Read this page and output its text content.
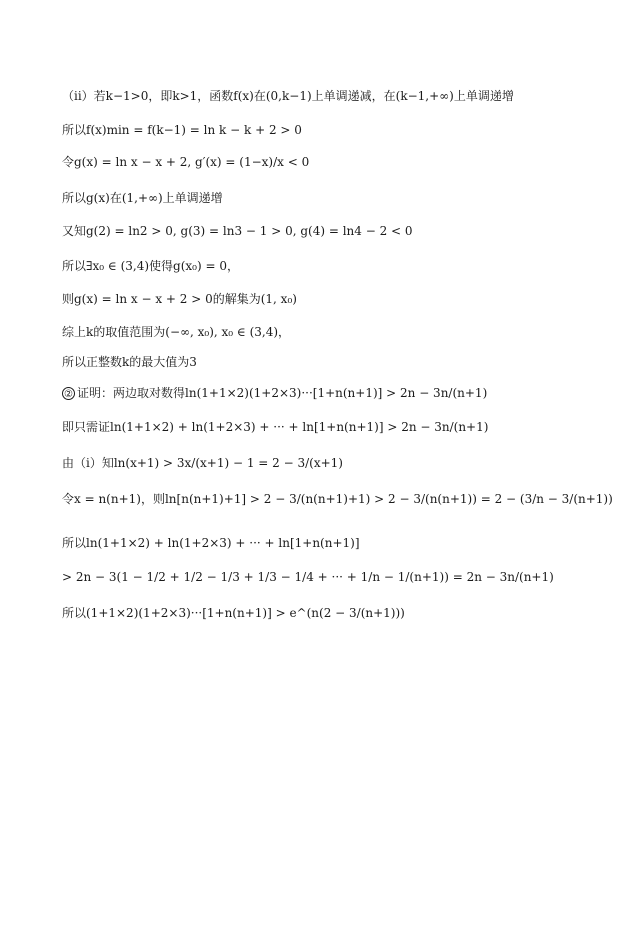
（ii）若k−1>0，即k>1，函数f(x)在(0,k−1)上单调递减，在(k−1,+∞)上单调递增
所以f(x)min = f(k−1) = ln k − k + 2 > 0
令g(x) = ln x − x + 2, g′(x) = (1−x)/x < 0
所以g(x)在(1,+∞)上单调递增
又知g(2) = ln2 > 0, g(3) = ln3 − 1 > 0, g(4) = ln4 − 2 < 0
所以∃x₀ ∈ (3,4)使得g(x₀) = 0，
则g(x) = ln x − x + 2 > 0的解集为(1, x₀)
综上k的取值范围为(−∞, x₀), x₀ ∈ (3,4)，
所以正整数k的最大值为3
② 证明：两边取对数得ln(1+1×2)(1+2×3)···[1+n(n+1)] > 2n − 3n/(n+1)
即只需证ln(1+1×2) + ln(1+2×3) + ··· + ln[1+n(n+1)] > 2n − 3n/(n+1)
由（i）知ln(x+1) > 3x/(x+1) − 1 = 2 − 3/(x+1)
令x = n(n+1)，则ln[n(n+1)+1] > 2 − 3/(n(n+1)+1) > 2 − 3/(n(n+1)) = 2 − (3/n − 3/(n+1))
所以ln(1+1×2) + ln(1+2×3) + ··· + ln[1+n(n+1)]
> 2n − 3(1 − 1/2 + 1/2 − 1/3 + 1/3 − 1/4 + ··· + 1/n − 1/(n+1)) = 2n − 3n/(n+1)
所以(1+1×2)(1+2×3)···[1+n(n+1)] > e^(n(2 − 3/(n+1)))
